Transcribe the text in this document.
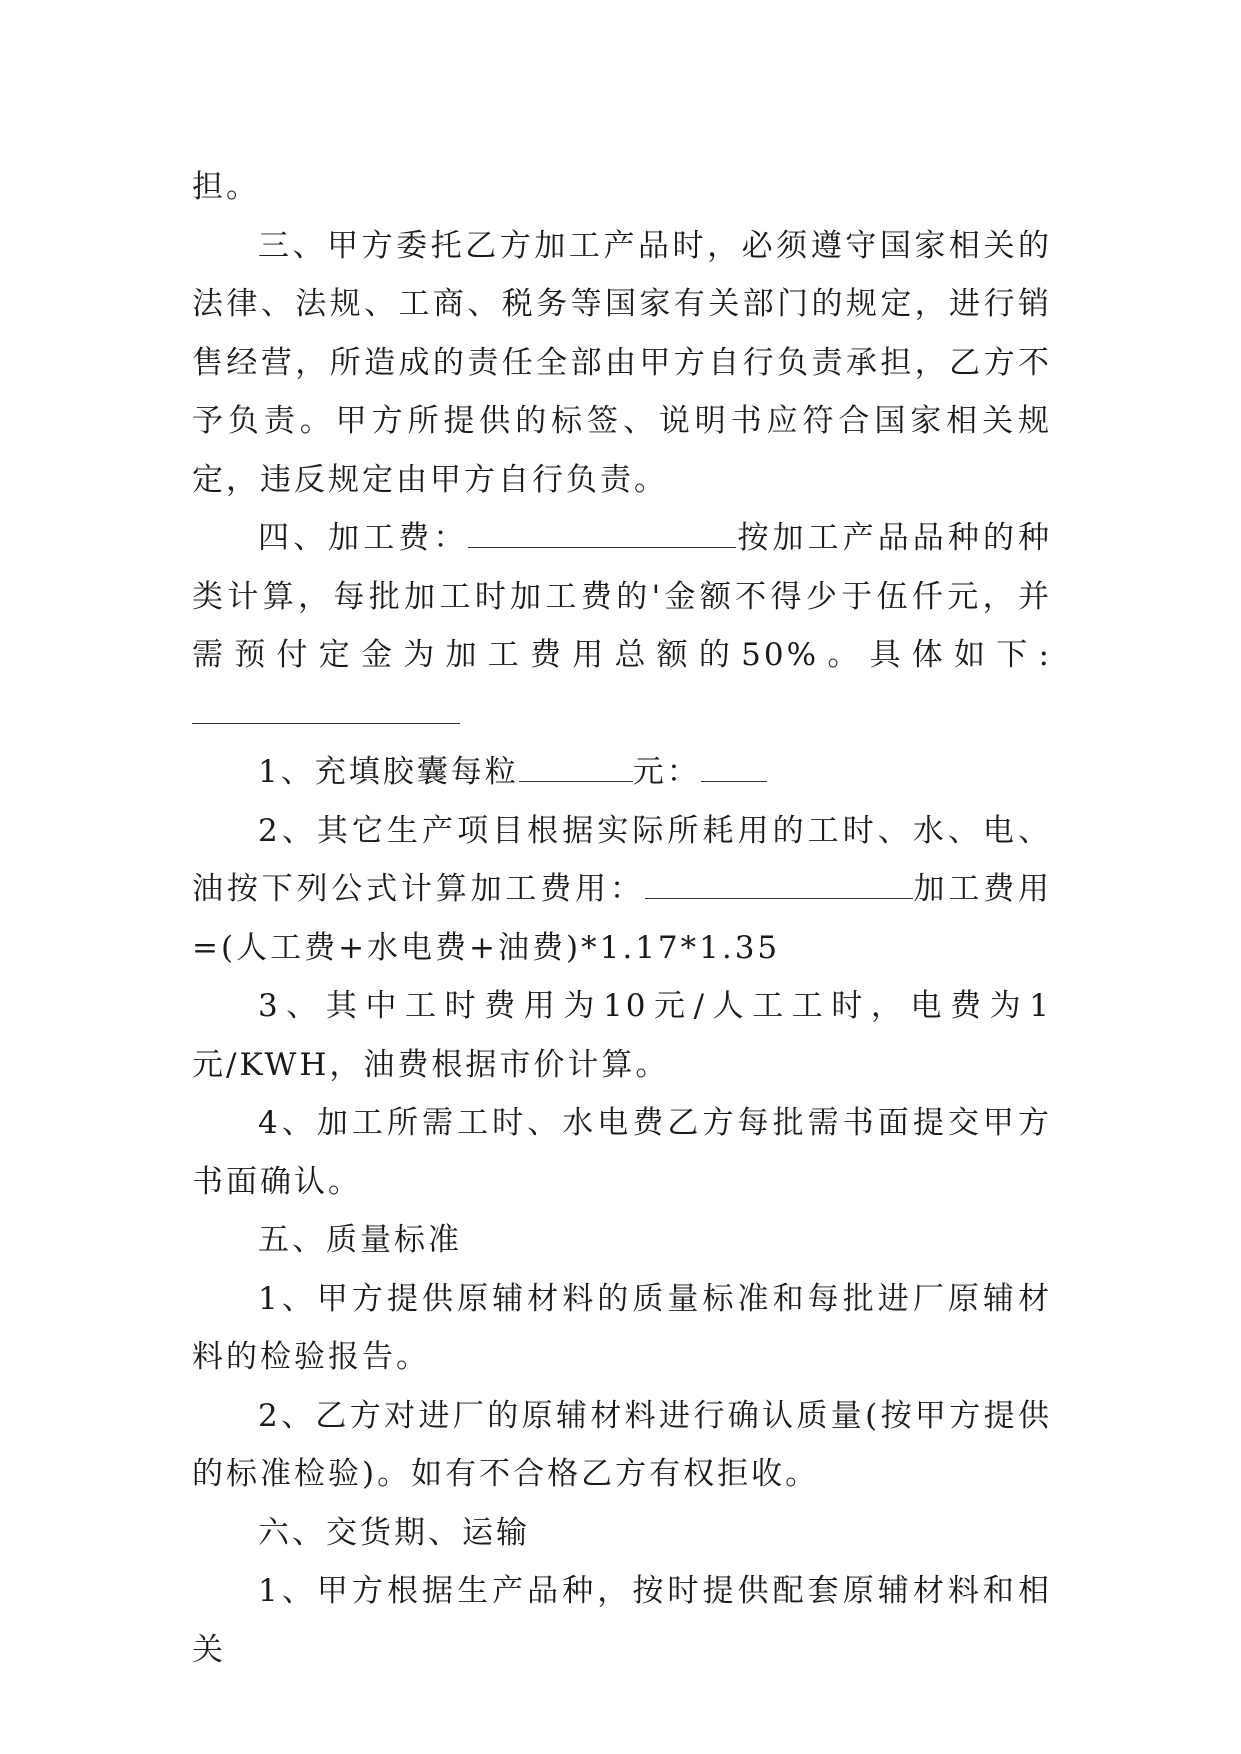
担。

三、甲方委托乙方加工产品时，必须遵守国家相关的法律、法规、工商、税务等国家有关部门的规定，进行销售经营，所造成的责任全部由甲方自行负责承担，乙方不予负责。甲方所提供的标签、说明书应符合国家相关规定，违反规定由甲方自行负责。

四、加工费：	按加工产品品种的种类计算，每批加工时加工费的'金额不得少于伍仟元，并需预付定金为加工费用总额的50%。具体如下:

1、充填胶囊每粒	元：

2、其它生产项目根据实际所耗用的工时、水、电、油按下列公式计算加工费用：	加工费用=(人工费+水电费+油费)*1.17*1.35

3、其中工时费用为10元/人工工时，电费为1元/KWH，油费根据市价计算。

4、加工所需工时、水电费乙方每批需书面提交甲方书面确认。

五、质量标准

1、甲方提供原辅材料的质量标准和每批进厂原辅材料的检验报告。

2、乙方对进厂的原辅材料进行确认质量(按甲方提供的标准检验)。如有不合格乙方有权拒收。

六、交货期、运输

1、甲方根据生产品种，按时提供配套原辅材料和相关
